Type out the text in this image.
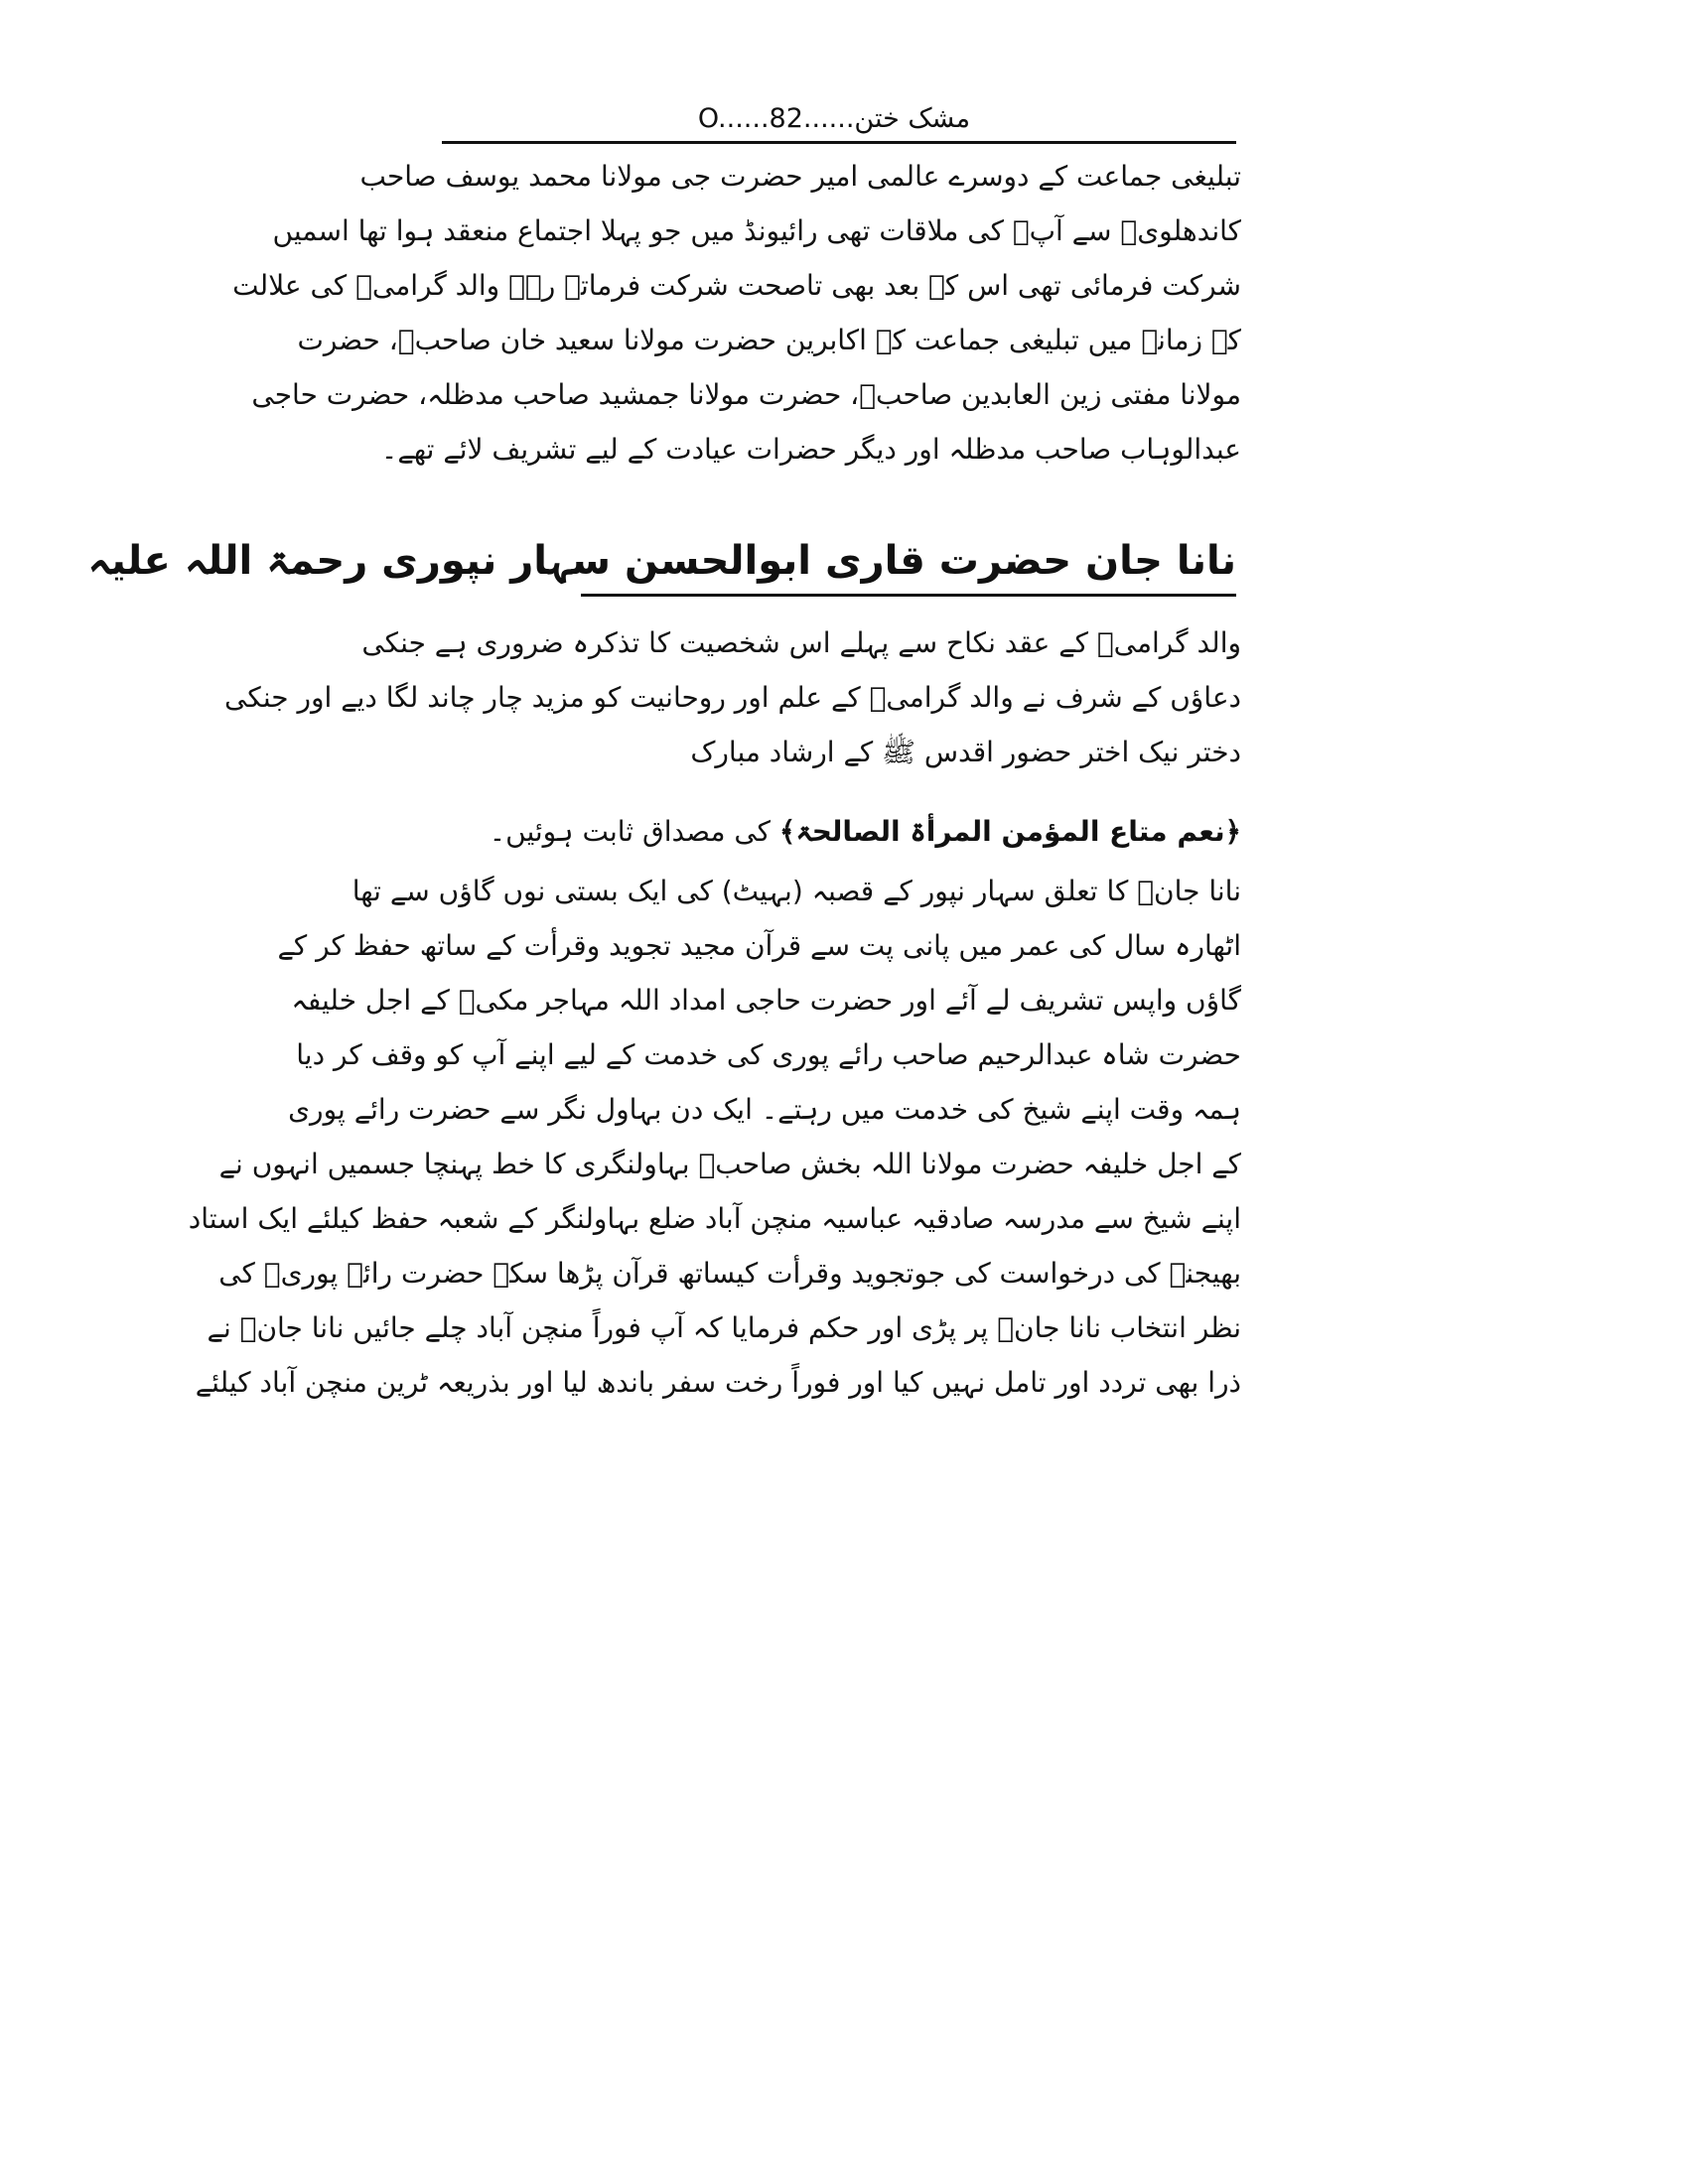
مشک ختن......O......82
تبلیغی جماعت کے دوسرے عالمی امیر حضرت جی مولانا محمد یوسف صاحب
کاندھلویؒ سے آپؒ کی ملاقات تھی رائیونڈ میں جو پہلا اجتماع منعقد ہوا تھا اسمیں
شرکت فرمائی تھی اس کے بعد بھی تاصحت شرکت فرماتے رہے والد گرامیؒ کی علالت
کے زمانے میں تبلیغی جماعت کے اکابرین حضرت مولانا سعید خان صاحبؒ، حضرت
مولانا مفتی زین العابدین صاحبؒ، حضرت مولانا جمشید صاحب مدظلہ، حضرت حاجی
عبدالوہاب صاحب مدظلہ اور دیگر حضرات عیادت کے لیے تشریف لائے تھے۔
نانا جان حضرت قاری ابوالحسن سہار نپوری رحمۃ اللہ علیہ
والد گرامیؒ کے عقد نکاح سے پہلے اس شخصیت کا تذکرہ ضروری ہے جنکی
دعاؤں کے شرف نے والد گرامیؒ کے علم اور روحانیت کو مزید چار چاند لگا دیے اور جنکی
دختر نیک اختر حضور اقدس ﷺ کے ارشاد مبارک
﴿نعم متاع المؤمن المرأۃ الصالحۃ﴾ کی مصداق ثابت ہوئیں۔
نانا جانؒ کا تعلق سہار نپور کے قصبہ (بہیٹ) کی ایک بستی نوں گاؤں سے تھا
اٹھارہ سال کی عمر میں پانی پت سے قرآن مجید تجوید وقرأت کے ساتھ حفظ کر کے
گاؤں واپس تشریف لے آئے اور حضرت حاجی امداد اللہ مہاجر مکیؒ کے اجل خلیفہ
حضرت شاہ عبدالرحیم صاحب رائے پوری کی خدمت کے لیے اپنے آپ کو وقف کر دیا
ہمہ وقت اپنے شیخ کی خدمت میں رہتے۔ ایک دن بہاول نگر سے حضرت رائے پوری
کے اجل خلیفہ حضرت مولانا اللہ بخش صاحبؒ بہاولنگری کا خط پہنچا جسمیں انہوں نے
اپنے شیخ سے مدرسہ صادقیہ عباسیہ منچن آباد ضلع بہاولنگر کے شعبہ حفظ کیلئے ایک استاد
بھیجنے کی درخواست کی جوتجوید وقرأت کیساتھ قرآن پڑھا سکے حضرت رائے پوریؒ کی
نظر انتخاب نانا جانؒ پر پڑی اور حکم فرمایا کہ آپ فوراً منچن آباد چلے جائیں نانا جانؒ نے
ذرا بھی تردد اور تامل نہیں کیا اور فوراً رخت سفر باندھ لیا اور بذریعہ ٹرین منچن آباد کیلئے
